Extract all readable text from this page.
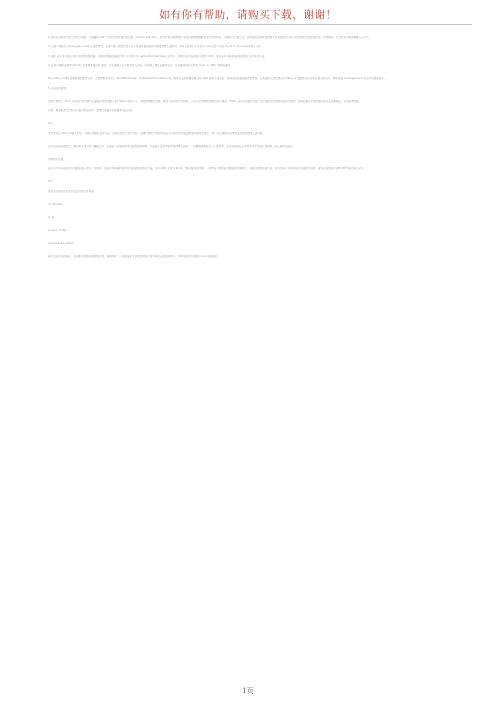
如有你有帮助，请购买下载，谢谢！

1.首先在目前用户的主目录下创建一个隐藏的"ssh"子目录并设置相应的权限（chmod 700 .ssh），然后在其中按照用户本来的需要编辑配置文件和密钥对，以便进行公钥认证，或者直接在服务端的相关位置放置对应的公钥以便以后登录时使用，这样登录一台主机就不再需要输入口令了。

2. 在客户端执行 ssh-keygen -t rsa 生成密钥对，在提示输入保存位置与口令短语时直接按回车键接受默认值即可，此时会在用户主目录的 .ssh 目录下生成 id_rsa 与 id_rsa.pub 两个文件。

3. 通过 scp 命令将公钥文件复制到服务器，并追加到服务器相应用户主目录下的 .ssh/authorized_keys 文件中，注意该文件的权限应设置为 600，否则 sshd 服务将拒绝使用该文件进行认证。

4. 在客户端再次使用 ssh 用户名@服务器地址 登录，若无需输入口令即可进入系统，则说明公钥认证配置成功，可以继续进行后续的 "scp" 与 "sftp" 等相关操作。

其中 sshd_config 是服务端的配置文件，主要参数有 Port、PermitRootLogin、PubkeyAuthentication 等，修改完成后需要重新启动 sshd 服务才能生效；如果出现连接被拒绝的情况，应检查防火墙设置以及 SELinux 策略是否允许相应端口的访问，同时查看 /var/log/secure 日志中的错误信息。

5. 安全相关配置。

在默认情况下 Word 文档的打印设置可以直接沿用系统默认的打印机与纸张大小，若需要调整页边距、纸张方向或者打印份数，可以在打印预览界面中进行修改。Word 文档中的表格与图片也会按照当前页面布局进行排列，打印前建议先预览确认版式无误再输出，以免浪费纸张。

注意：修改配置文件前应先备份原始文件，避免因误操作导致服务无法启动。

例 1

本节介绍在 Word 中插入页码、页眉与页脚的基本方法，包括在首页不显示页码、奇偶页使用不同的页眉以及从指定页开始重新编号等常见需求，用户可以根据实际情况灵活组合使用上述功能。

在完成全部设置以后，建议将文档另存为模板文件，以便在今后编写同类文档时直接调用，从而减少重复劳动并保持格式的统一；若模板需要在多人之间共享，应将其存放在公共目录中并设置只读权限，防止被意外修改。

页码格式设置。

由于各个版本的软件在界面布局上存在一定差异，因此在具体操作时请以实际使用的版本为准。对于 WPS 文字与 Word 之间的兼容性问题，一般情况下常用格式都能够正确显示，但部分特殊的域代码、宏以及嵌入对象可能会出现显示异常，建议在重要场合使用 PDF 格式进行分发。

例 2

首先进入相应的目录并查看当前文件列表：

cd /etc/ssh/

ls -la

vi sshd_config

service sshd restart

修改完成后保存退出，并重新启动服务使配置生效。如需回滚，只需将备份文件覆盖回原位置并再次重启服务即可。本例中的命令需要以 root 权限执行。

1页
